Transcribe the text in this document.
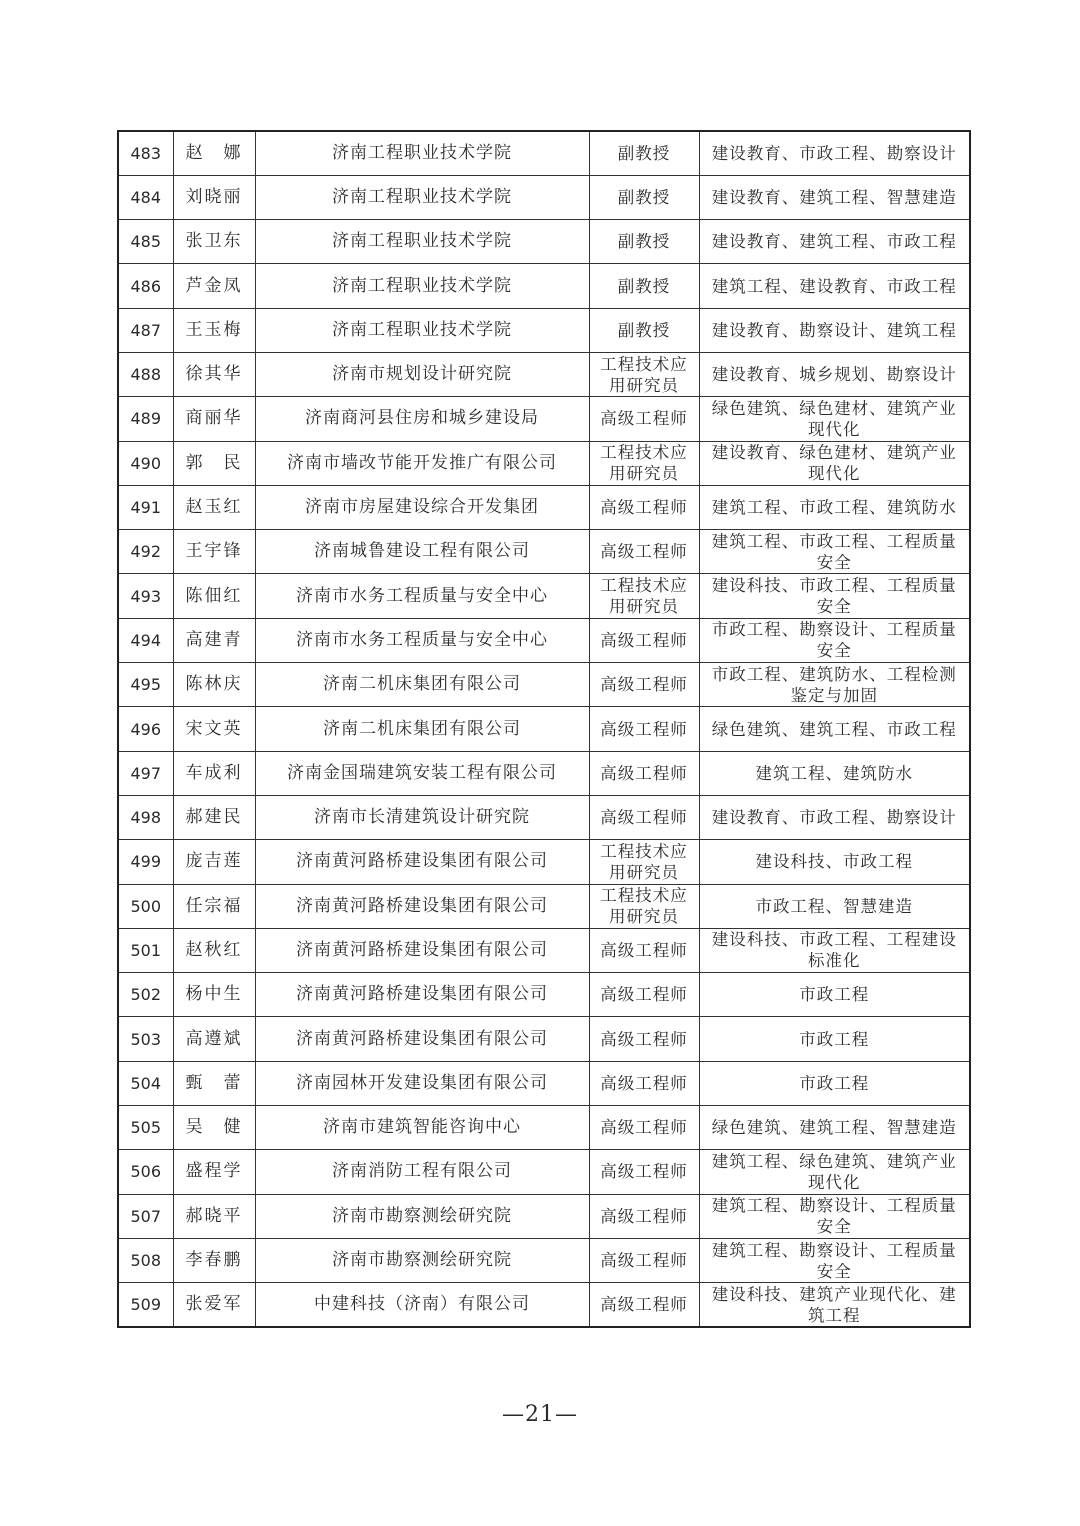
483	赵　娜	济南工程职业技术学院	副教授	建设教育、市政工程、勘察设计
484	刘晓丽	济南工程职业技术学院	副教授	建设教育、建筑工程、智慧建造
485	张卫东	济南工程职业技术学院	副教授	建设教育、建筑工程、市政工程
486	芦金凤	济南工程职业技术学院	副教授	建筑工程、建设教育、市政工程
487	王玉梅	济南工程职业技术学院	副教授	建设教育、勘察设计、建筑工程
488	徐其华	济南市规划设计研究院	工程技术应用研究员	建设教育、城乡规划、勘察设计
489	商丽华	济南商河县住房和城乡建设局	高级工程师	绿色建筑、绿色建材、建筑产业现代化
490	郭　民	济南市墙改节能开发推广有限公司	工程技术应用研究员	建设教育、绿色建材、建筑产业现代化
491	赵玉红	济南市房屋建设综合开发集团	高级工程师	建筑工程、市政工程、建筑防水
492	王宇锋	济南城鲁建设工程有限公司	高级工程师	建筑工程、市政工程、工程质量安全
493	陈佃红	济南市水务工程质量与安全中心	工程技术应用研究员	建设科技、市政工程、工程质量安全
494	高建青	济南市水务工程质量与安全中心	高级工程师	市政工程、勘察设计、工程质量安全
495	陈林庆	济南二机床集团有限公司	高级工程师	市政工程、建筑防水、工程检测鉴定与加固
496	宋文英	济南二机床集团有限公司	高级工程师	绿色建筑、建筑工程、市政工程
497	车成利	济南金国瑞建筑安装工程有限公司	高级工程师	建筑工程、建筑防水
498	郝建民	济南市长清建筑设计研究院	高级工程师	建设教育、市政工程、勘察设计
499	庞吉莲	济南黄河路桥建设集团有限公司	工程技术应用研究员	建设科技、市政工程
500	任宗福	济南黄河路桥建设集团有限公司	工程技术应用研究员	市政工程、智慧建造
501	赵秋红	济南黄河路桥建设集团有限公司	高级工程师	建设科技、市政工程、工程建设标准化
502	杨中生	济南黄河路桥建设集团有限公司	高级工程师	市政工程
503	高遵斌	济南黄河路桥建设集团有限公司	高级工程师	市政工程
504	甄　蕾	济南园林开发建设集团有限公司	高级工程师	市政工程
505	吴　健	济南市建筑智能咨询中心	高级工程师	绿色建筑、建筑工程、智慧建造
506	盛程学	济南消防工程有限公司	高级工程师	建筑工程、绿色建筑、建筑产业现代化
507	郝晓平	济南市勘察测绘研究院	高级工程师	建筑工程、勘察设计、工程质量安全
508	李春鹏	济南市勘察测绘研究院	高级工程师	建筑工程、勘察设计、工程质量安全
509	张爱军	中建科技（济南）有限公司	高级工程师	建设科技、建筑产业现代化、建筑工程
—21—
